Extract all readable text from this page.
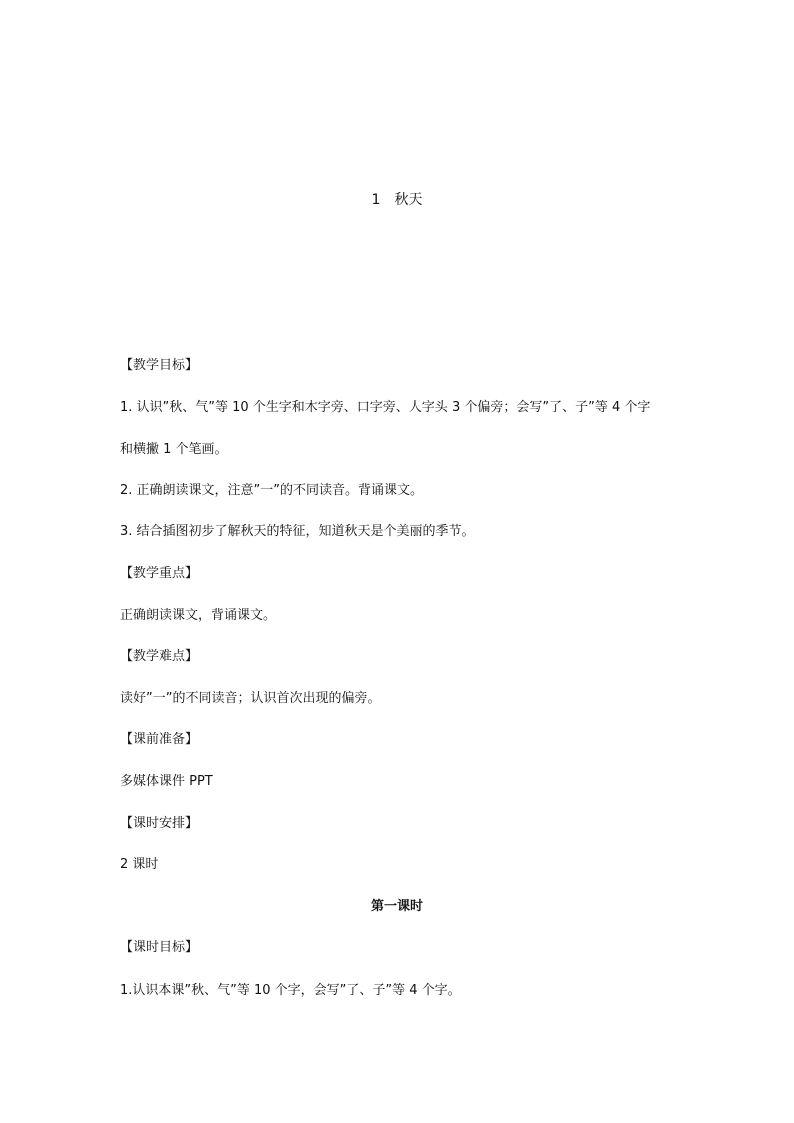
1　秋天
【教学目标】
1. 认识”秋、气”等 10 个生字和木字旁、口字旁、人字头 3 个偏旁；会写”了、子”等 4 个字
和横撇 1 个笔画。
2. 正确朗读课文，注意”一”的不同读音。背诵课文。
3. 结合插图初步了解秋天的特征，知道秋天是个美丽的季节。
【教学重点】
正确朗读课文，背诵课文。
【教学难点】
读好”一”的不同读音；认识首次出现的偏旁。
【课前准备】
多媒体课件 PPT
【课时安排】
2 课时
第一课时
【课时目标】
1.认识本课”秋、气”等 10 个字，会写”了、子”等 4 个字。
